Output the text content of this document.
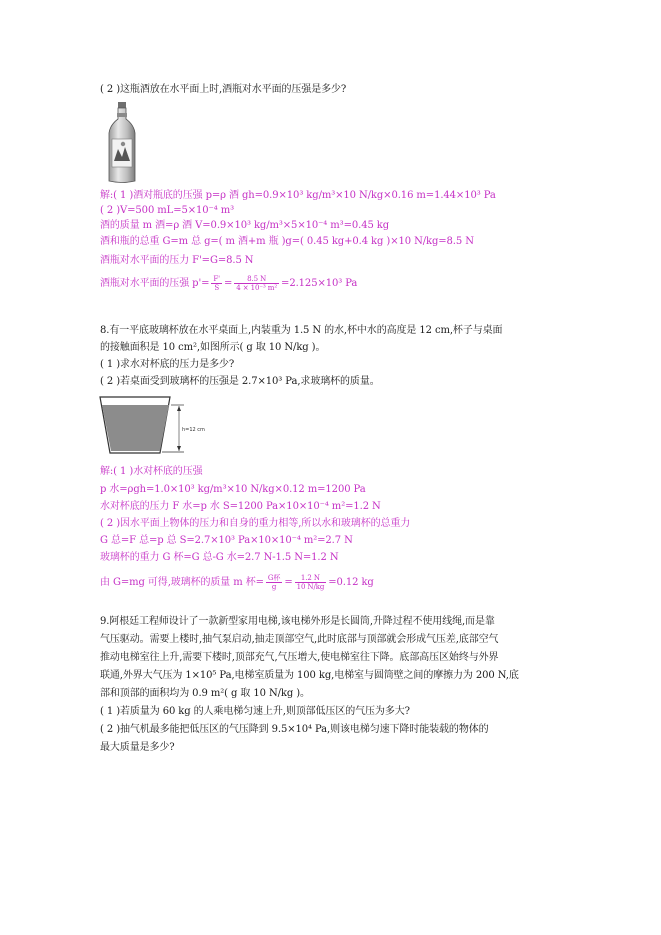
( 2 )这瓶酒放在水平面上时,酒瓶对水平面的压强是多少?
解:( 1 )酒对瓶底的压强 p=ρ 酒 gh=0.9×10³ kg/m³×10 N/kg×0.16 m=1.44×10³ Pa
( 2 )V=500 mL=5×10⁻⁴ m³
酒的质量 m 酒=ρ 酒 V=0.9×10³ kg/m³×5×10⁻⁴ m³=0.45 kg
酒和瓶的总重 G=m 总 g=( m 酒+m 瓶 )g=( 0.45 kg+0.4 kg )×10 N/kg=8.5 N
酒瓶对水平面的压力 F'=G=8.5 N
酒瓶对水平面的压强 $p'= \frac{F'}{S} = \frac{8.5 N}{\text{4 × 10⁻³ m²}} =2.125\times 10^3$ Pa
8.有一平底玻璃杯放在水平桌面上,内装重为 1.5 N 的水,杯中水的高度是 12 cm,杯子与桌面
的接触面积是 10 cm²,如图所示( g 取 10 N/kg )。
( 1 )求水对杯底的压力是多少?
( 2 )若桌面受到玻璃杯的压强是 2.7×10³ Pa,求玻璃杯的质量。
h=12 cm
解:( 1 )水对杯底的压强
p 水=ρgh=1.0×10³ kg/m³×10 N/kg×0.12 m=1200 Pa
水对杯底的压力 F 水=p 水 S=1200 Pa×10×10⁻⁴ m²=1.2 N
( 2 )因水平面上物体的压力和自身的重力相等,所以水和玻璃杯的总重力
G 总=F 总=p 总 S=2.7×10³ Pa×10×10⁻⁴ m²=2.7 N
玻璃杯的重力 G 杯=G 总-G 水=2.7 N-1.5 N=1.2 N
由 G=mg 可得,玻璃杯的质量 m 杯= $\frac{\text{G杯}}{g} = \frac{1.2 N}{10 N/kg} =0.12$ kg
9.阿根廷工程师设计了一款新型家用电梯,该电梯外形是长圆筒,升降过程不使用线绳,而是靠
气压驱动。需要上楼时,抽气泵启动,抽走顶部空气,此时底部与顶部就会形成气压差,底部空气
推动电梯室往上升,需要下楼时,顶部充气,气压增大,使电梯室往下降。底部高压区始终与外界
联通,外界大气压为 1×10⁵ Pa,电梯室质量为 100 kg,电梯室与圆筒壁之间的摩擦力为 200 N,底
部和顶部的面积均为 0.9 m²( g 取 10 N/kg )。
( 1 )若质量为 60 kg 的人乘电梯匀速上升,则顶部低压区的气压为多大?
( 2 )抽气机最多能把低压区的气压降到 9.5×10⁴ Pa,则该电梯匀速下降时能装载的物体的
最大质量是多少?
